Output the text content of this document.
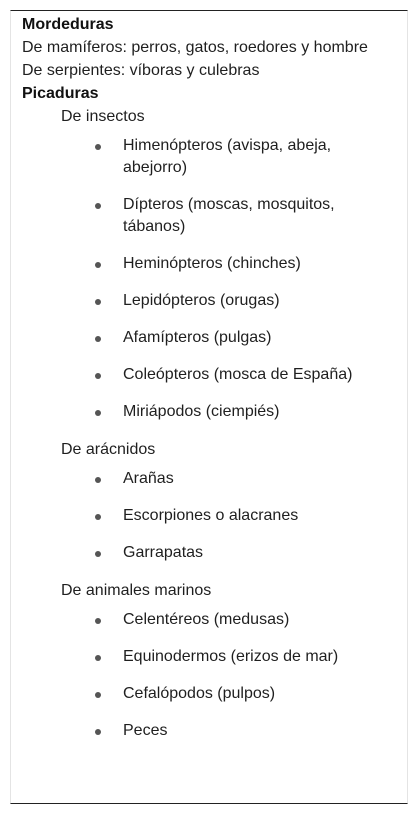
Mordeduras
De mamíferos: perros, gatos, roedores y hombre
De serpientes: víboras y culebras
Picaduras
De insectos
Himenópteros (avispa, abeja, abejorro)
Dípteros (moscas, mosquitos, tábanos)
Heminópteros (chinches)
Lepidópteros (orugas)
Afamípteros (pulgas)
Coleópteros (mosca de España)
Miriápodos (ciempiés)
De arácnidos
Arañas
Escorpiones o alacranes
Garrapatas
De animales marinos
Celentéreos (medusas)
Equinodermos (erizos de mar)
Cefalópodos (pulpos)
Peces
